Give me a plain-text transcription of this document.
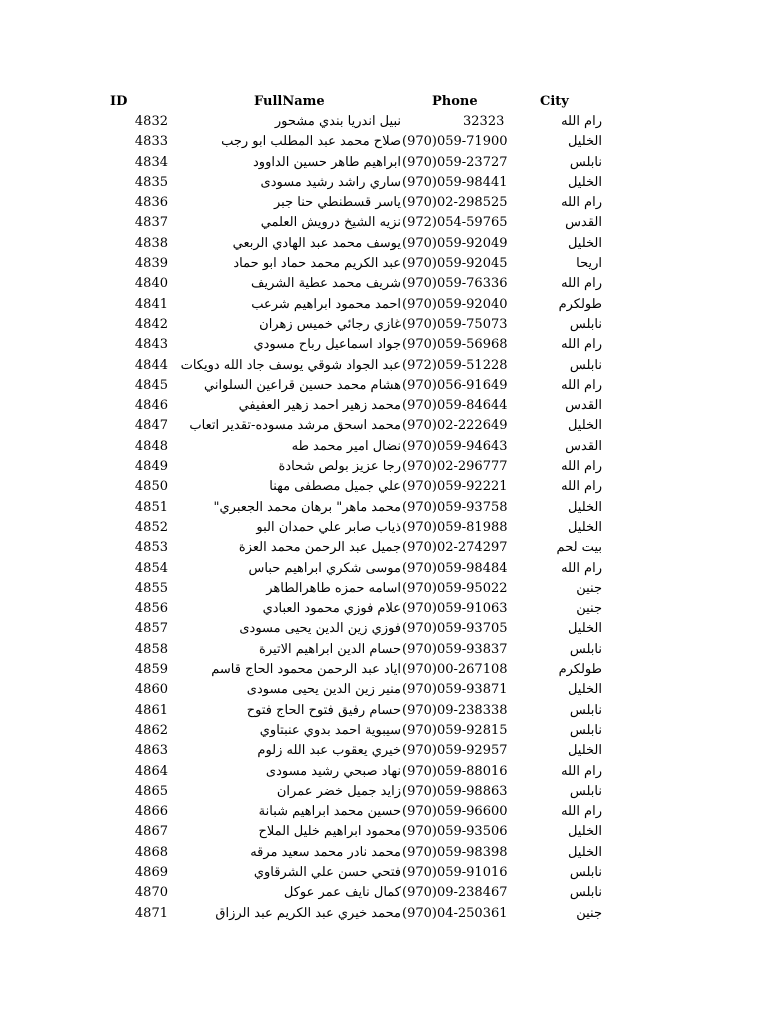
ID	FullName	Phone	City
4832	نبيل اندريا بندي مشحور	32323	رام الله
4833	صلاح محمد عبد المطلب ابو رجب (970)059-71900	الخليل
4834	ابراهيم طاهر حسين الداوود (970)059-23727	نابلس
4835	ساري راشد رشيد مسودى (970)059-98441	الخليل
4836	ياسر قسطنطي حنا جبر (970)02-298525	رام الله
4837	نزيه الشيخ درويش العلمي (972)054-59765	القدس
4838	يوسف محمد عبد الهادي الربعي (970)059-92049	الخليل
4839	عبد الكريم محمد حماد ابو حماد (970)059-92045	اريحا
4840	شريف محمد عطية الشريف (970)059-76336	رام الله
4841	احمد محمود ابراهيم شرعب (970)059-92040	طولكرم
4842	غازي رجائي خميس زهران (970)059-75073	نابلس
4843	جواد اسماعيل رباح مسودي (970)059-56968	رام الله
4844 عبد الجواد شوقي يوسف جاد الله دويكات (972)059-51228	نابلس
4845	هشام محمد حسين قراعين السلواني (970)056-91649	رام الله
4846	محمد زهير احمد زهير العفيفي (970)059-84644	القدس
4847 محمد اسحق مرشد مسوده-تقدير اتعاب (970)02-222649	الخليل
4848	نضال امير محمد طه (970)059-94643	القدس
4849	رجا عزيز بولص شحادة (970)02-296777	رام الله
4850	علي جميل مصطفى مهنا (970)059-92221	رام الله
4851	محمد ماهر" برهان محمد الجعبري" (970)059-93758	الخليل
4852	ذياب صابر علي حمدان البو (970)059-81988	الخليل
4853	جميل عبد الرحمن محمد العزة (970)02-274297	بيت لحم
4854	موسى شكري ابراهيم حباس (970)059-98484	رام الله
4855	اسامه حمزه طاهرالطاهر (970)059-95022	جنين
4856	علام فوزي محمود العبادي (970)059-91063	جنين
4857	فوزي زين الدين يحيى مسودى (970)059-93705	الخليل
4858	حسام الدين ابراهيم الاتيرة (970)059-93837	نابلس
4859	اياد عبد الرحمن محمود الحاج قاسم (970)00-267108	طولكرم
4860	منير زين الدين يحيى مسودى (970)059-93871	الخليل
4861	حسام رفيق فتوح الحاج فتوح (970)09-238338	نابلس
4862	سيبوية احمد بدوي عنبتاوي (970)059-92815	نابلس
4863	خيري يعقوب عبد الله زلوم (970)059-92957	الخليل
4864	نهاد صبحي رشيد مسودى (970)059-88016	رام الله
4865	زايد جميل خضر عمران (970)059-98863	نابلس
4866	حسين محمد ابراهيم شبانة (970)059-96600	رام الله
4867	محمود ابراهيم خليل الملاح (970)059-93506	الخليل
4868	محمد نادر محمد سعيد مرقه (970)059-98398	الخليل
4869	فتحي حسن علي الشرقاوي (970)059-91016	نابلس
4870	كمال نايف عمر عوكل (970)09-238467	نابلس
4871	محمد خيري عبد الكريم عبد الرزاق (970)04-250361	جنين
